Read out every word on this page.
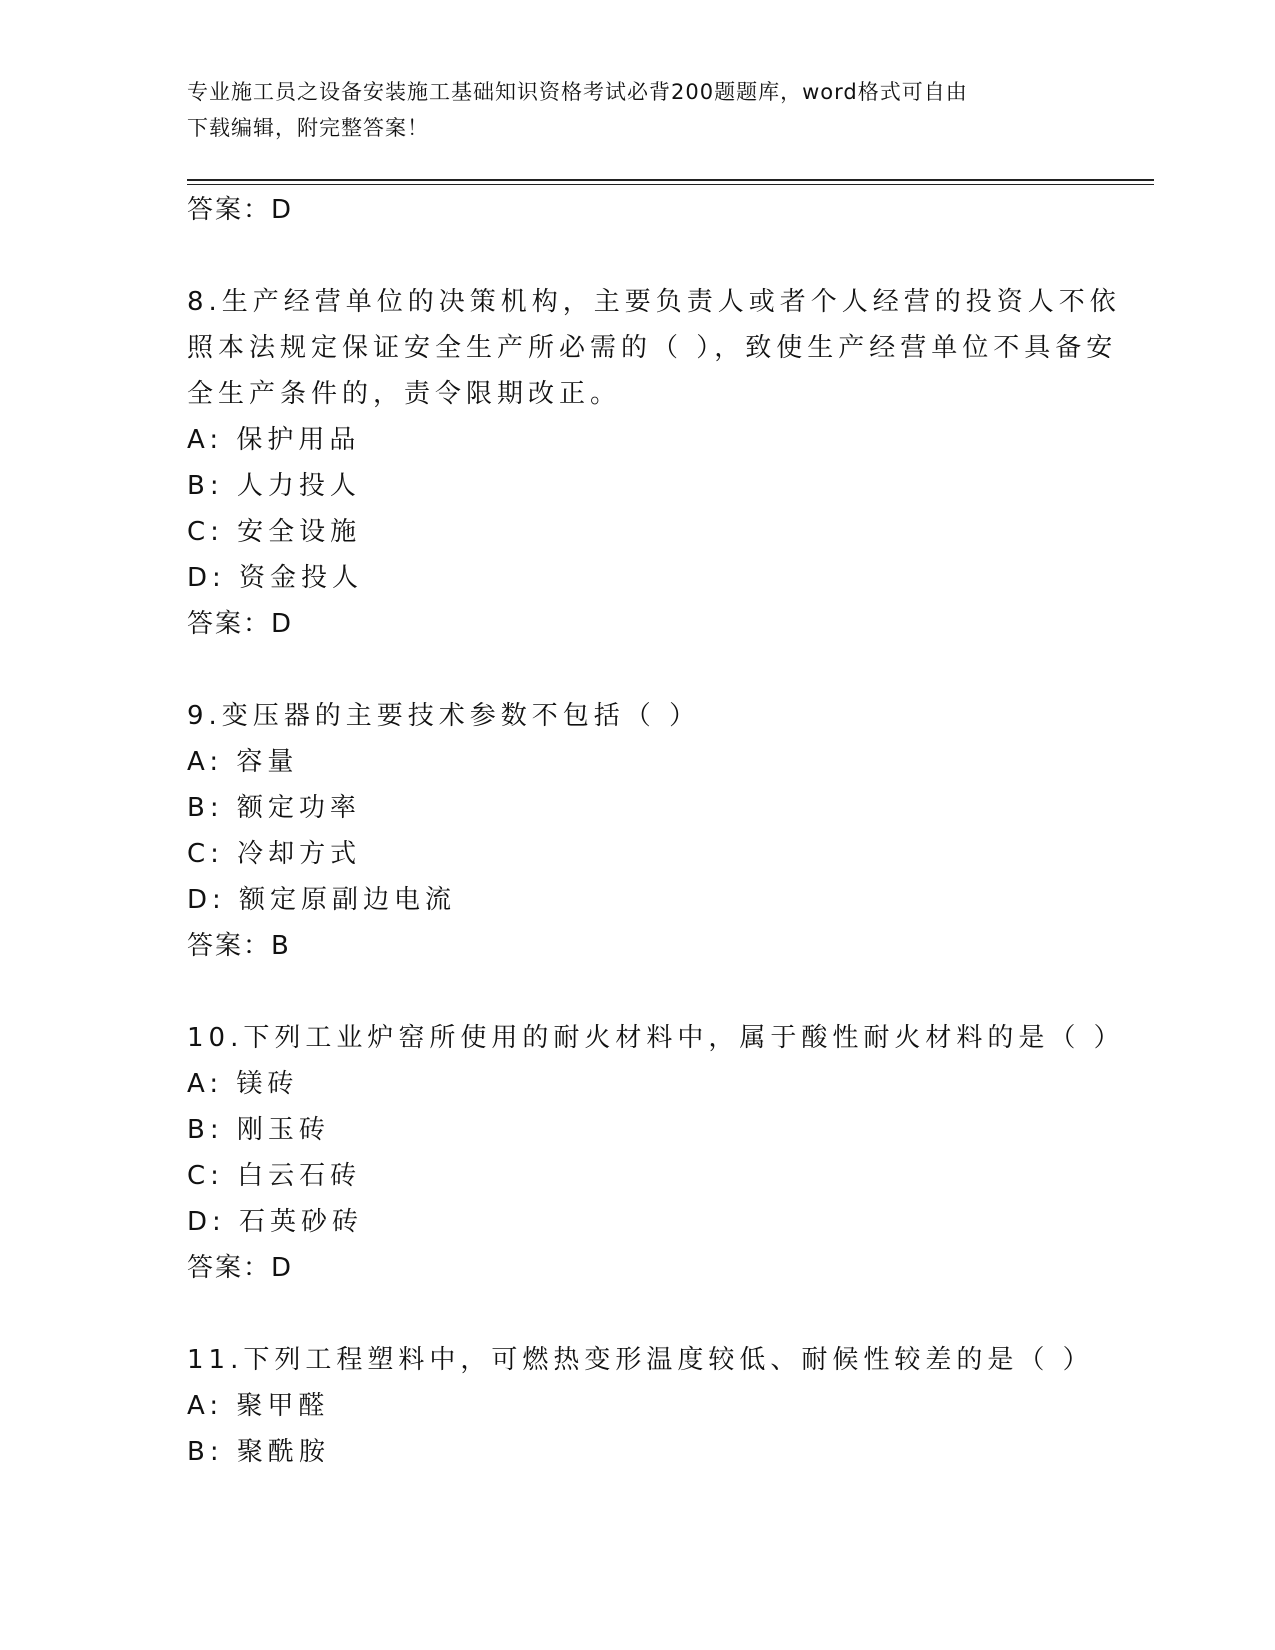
专业施工员之设备安装施工基础知识资格考试必背200题题库，word格式可自由
下载编辑，附完整答案！
答案：D
8.生产经营单位的决策机构，主要负责人或者个人经营的投资人不依
照本法规定保证安全生产所必需的（ ），致使生产经营单位不具备安
全生产条件的，责令限期改正。
A: 保护用品
B: 人力投人
C: 安全设施
D: 资金投人
答案：D
9.变压器的主要技术参数不包括（ ）
A: 容量
B: 额定功率
C: 冷却方式
D: 额定原副边电流
答案：B
10.下列工业炉窑所使用的耐火材料中，属于酸性耐火材料的是（ ）
A: 镁砖
B: 刚玉砖
C: 白云石砖
D: 石英砂砖
答案：D
11.下列工程塑料中，可燃热变形温度较低、耐候性较差的是（ ）
A: 聚甲醛
B: 聚酰胺
